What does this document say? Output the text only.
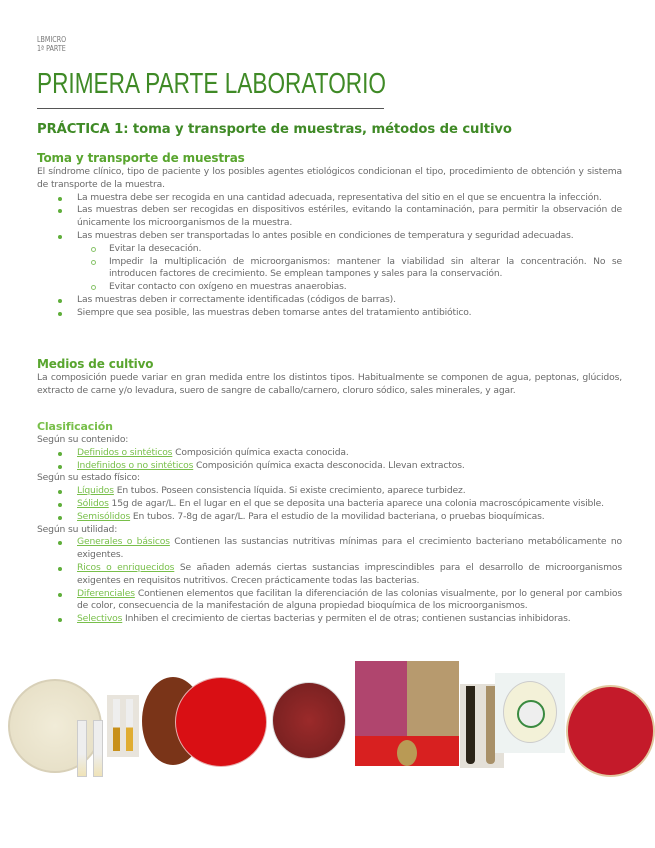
LBMICRO
1ª PARTE
PRIMERA PARTE LABORATORIO
PRÁCTICA 1: toma y transporte de muestras, métodos de cultivo
Toma y transporte de muestras
El síndrome clínico, tipo de paciente y los posibles agentes etiológicos condicionan el tipo, procedimiento de obtención y sistema de transporte de la muestra.
La muestra debe ser recogida en una cantidad adecuada, representativa del sitio en el que se encuentra la infección.
Las muestras deben ser recogidas en dispositivos estériles, evitando la contaminación, para permitir la observación de únicamente los microorganismos de la muestra.
Las muestras deben ser transportadas lo antes posible en condiciones de temperatura y seguridad adecuadas.
Evitar la desecación.
Impedir la multiplicación de microorganismos: mantener la viabilidad sin alterar la concentración. No se introducen factores de crecimiento. Se emplean tampones y sales para la conservación.
Evitar contacto con oxígeno en muestras anaerobias.
Las muestras deben ir correctamente identificadas (códigos de barras).
Siempre que sea posible, las muestras deben tomarse antes del tratamiento antibiótico.
Medios de cultivo
La composición puede variar en gran medida entre los distintos tipos. Habitualmente se componen de agua, peptonas, glúcidos, extracto de carne y/o levadura, suero de sangre de caballo/carnero, cloruro sódico, sales minerales, y agar.
Clasificación
Según su contenido:
Definidos o sintéticos Composición química exacta conocida.
Indefinidos o no sintéticos Composición química exacta desconocida. Llevan extractos.
Según su estado físico:
Líquidos En tubos. Poseen consistencia líquida. Si existe crecimiento, aparece turbidez.
Sólidos 15g de agar/L. En el lugar en el que se deposita una bacteria aparece una colonia macroscópicamente visible.
Semisólidos En tubos. 7-8g de agar/L. Para el estudio de la movilidad bacteriana, o pruebas bioquímicas.
Según su utilidad:
Generales o básicos Contienen las sustancias nutritivas mínimas para el crecimiento bacteriano metabólicamente no exigentes.
Ricos o enriquecidos Se añaden además ciertas sustancias imprescindibles para el desarrollo de microorganismos exigentes en requisitos nutritivos. Crecen prácticamente todas las bacterias.
Diferenciales Contienen elementos que facilitan la diferenciación de las colonias visualmente, por lo general por cambios de color, consecuencia de la manifestación de alguna propiedad bioquímica de los microorganismos.
Selectivos Inhiben el crecimiento de ciertas bacterias y permiten el de otras; contienen sustancias inhibidoras.
